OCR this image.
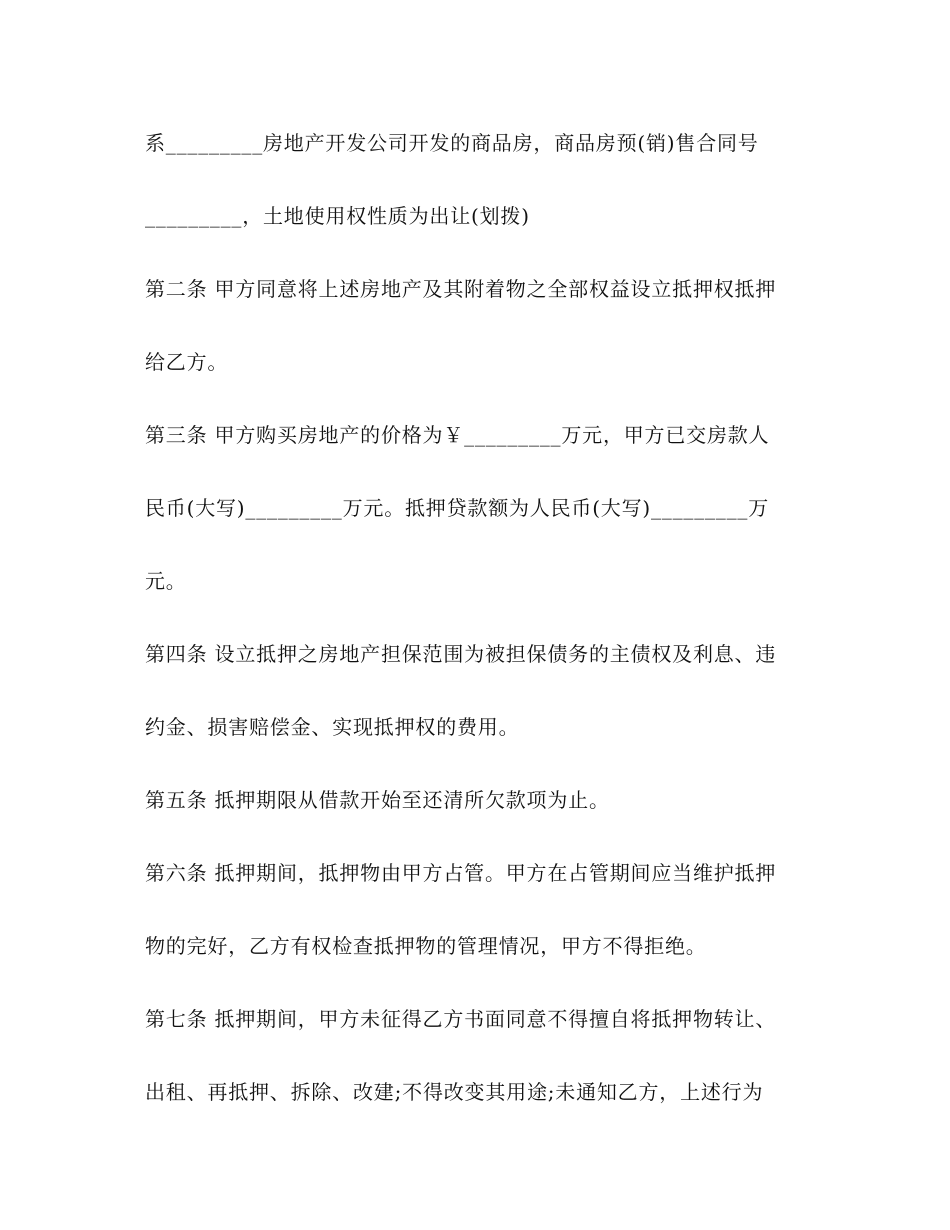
系_________房地产开发公司开发的商品房，商品房预(销)售合同号
_________，土地使用权性质为出让(划拨)
第二条 甲方同意将上述房地产及其附着物之全部权益设立抵押权抵押
给乙方。
第三条 甲方购买房地产的价格为￥_________万元，甲方已交房款人
民币(大写)_________万元。抵押贷款额为人民币(大写)_________万
元。
第四条 设立抵押之房地产担保范围为被担保债务的主债权及利息、违
约金、损害赔偿金、实现抵押权的费用。
第五条 抵押期限从借款开始至还清所欠款项为止。
第六条 抵押期间，抵押物由甲方占管。甲方在占管期间应当维护抵押
物的完好，乙方有权检查抵押物的管理情况，甲方不得拒绝。
第七条 抵押期间，甲方未征得乙方书面同意不得擅自将抵押物转让、
出租、再抵押、拆除、改建;不得改变其用途;未通知乙方，上述行为
